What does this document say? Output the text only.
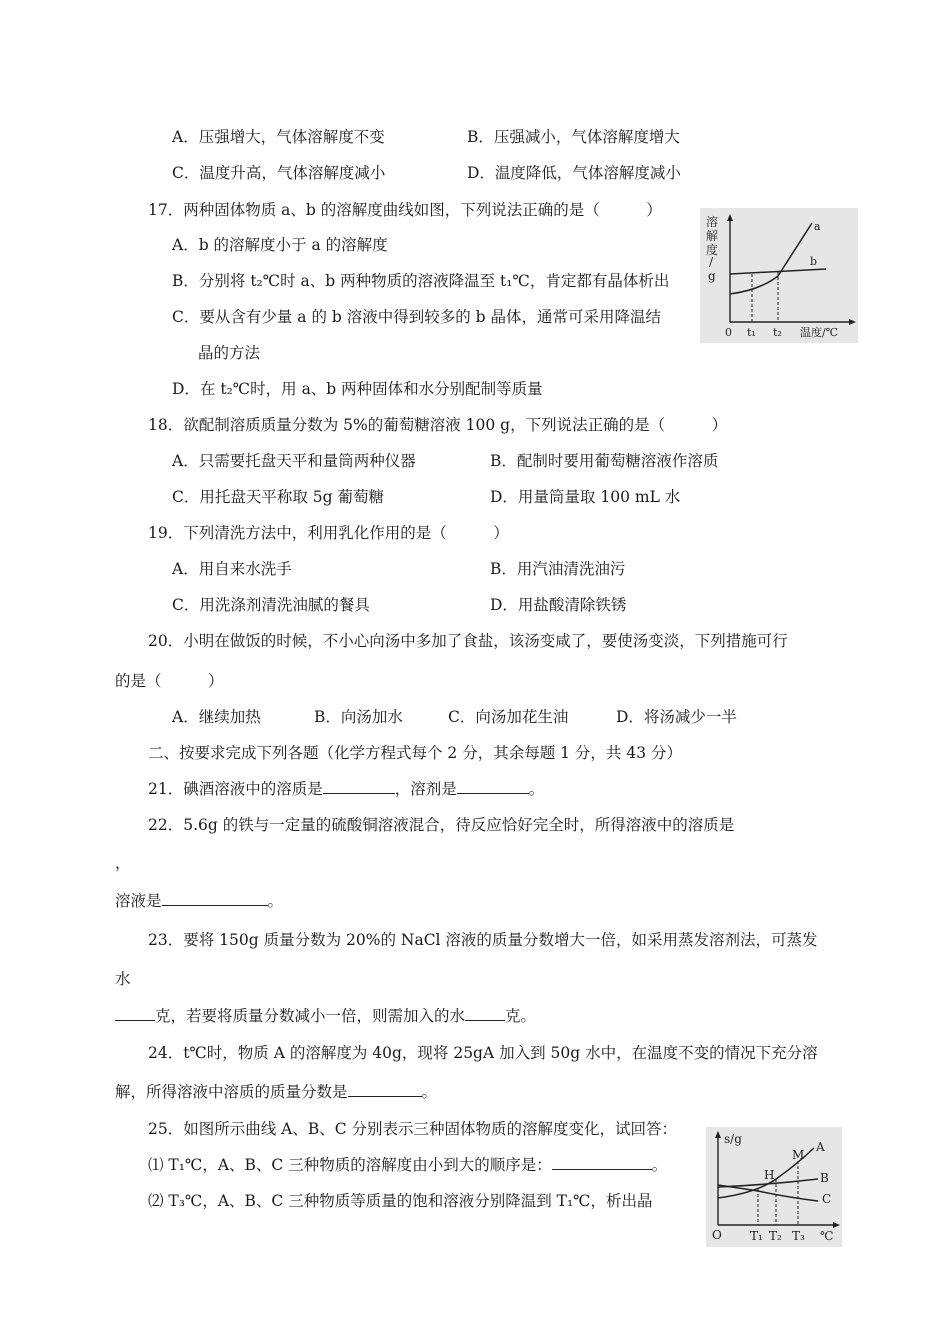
A．压强增大，气体溶解度不变	B．压强减小，气体溶解度增大
C．温度升高，气体溶解度减小	D．温度降低，气体溶解度减小
17．两种固体物质 a、b 的溶解度曲线如图，下列说法正确的是（　　　）
A．b 的溶解度小于 a 的溶解度
B．分别将 t₂℃时 a、b 两种物质的溶液降温至 t₁℃，肯定都有晶体析出
C．要从含有少量 a 的 b 溶液中得到较多的 b 晶体，通常可采用降温结
晶的方法
D．在 t₂℃时，用 a、b 两种固体和水分别配制等质量
溶
解
度
/
g
a
b
0 t₁ t₂ 温度/℃
18．欲配制溶质质量分数为 5%的葡萄糖溶液 100 g，下列说法正确的是（　　　）
A．只需要托盘天平和量筒两种仪器	B．配制时要用葡萄糖溶液作溶质
C．用托盘天平称取 5g 葡萄糖	D．用量筒量取 100 mL 水
19．下列清洗方法中，利用乳化作用的是（　　　）
A．用自来水洗手	B．用汽油清洗油污
C．用洗涤剂清洗油腻的餐具	D．用盐酸清除铁锈
20．小明在做饭的时候，不小心向汤中多加了食盐，该汤变咸了，要使汤变淡，下列措施可行
的是（　　　）
A．继续加热	B．向汤加水	C．向汤加花生油	D．将汤减少一半
二、按要求完成下列各题（化学方程式每个 2 分，其余每题 1 分，共 43 分）
21．碘酒溶液中的溶质是	，溶剂是	。
22．5.6g 的铁与一定量的硫酸铜溶液混合，待反应恰好完全时，所得溶液中的溶质是
，
溶液是	。
23．要将 150g 质量分数为 20%的 NaCl 溶液的质量分数增大一倍，如采用蒸发溶剂法，可蒸发
水
克，若要将质量分数减小一倍，则需加入的水	克。
24．t℃时，物质 A 的溶解度为 40g，现将 25gA 加入到 50g 水中，在温度不变的情况下充分溶
解，所得溶液中溶质的质量分数是	。
25．如图所示曲线 A、B、C 分别表示三种固体物质的溶解度变化，试回答：
⑴ T₁℃，A、B、C 三种物质的溶解度由小到大的顺序是：	。
⑵ T₃℃，A、B、C 三种物质等质量的饱和溶液分别降温到 T₁℃，析出晶
s/g
O T₁ T₂ T₃ ℃
M
H
A
B
C
